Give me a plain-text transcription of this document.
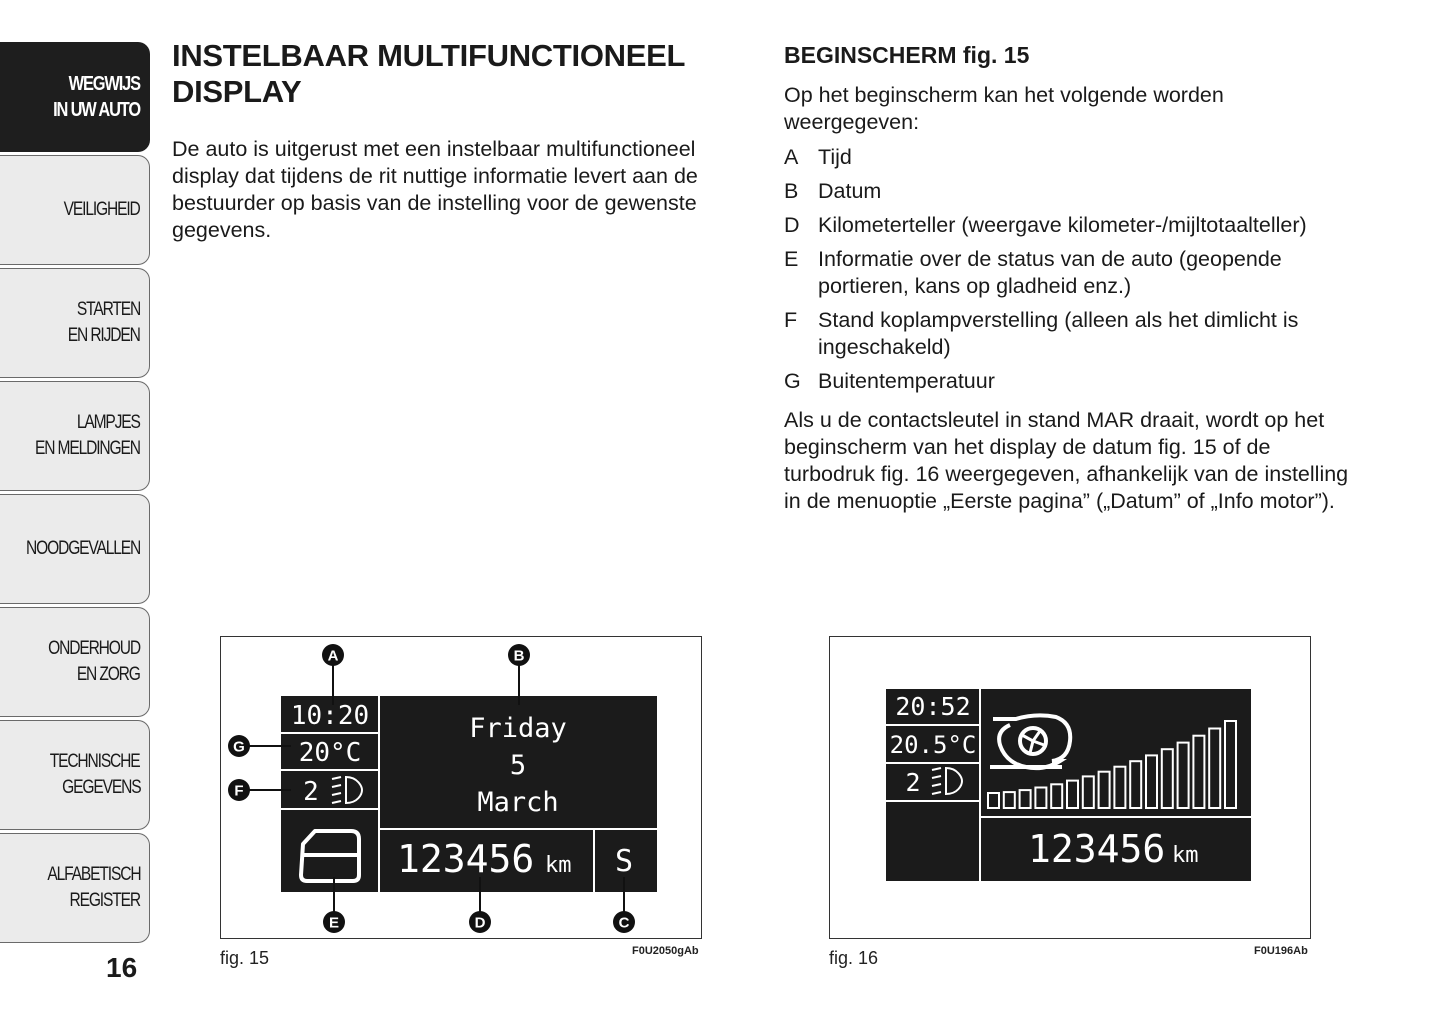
WEGWIJS
IN UW AUTO
VEILIGHEID
STARTEN
EN RIJDEN
LAMPJES
EN MELDINGEN
NOODGEVALLEN
ONDERHOUD
EN ZORG
TECHNISCHE
GEGEVENS
ALFABETISCH
REGISTER
16
INSTELBAAR MULTIFUNCTIONEEL
DISPLAY

De auto is uitgerust met een instelbaar multifunctioneel display dat tijdens de rit nuttige informatie levert aan de bestuurder op basis van de instelling voor de gewenste gegevens.

BEGINSCHERM fig. 15

Op het beginscherm kan het volgende worden weergegeven:

A Tijd
B Datum
D Kilometerteller (weergave kilometer-/mijltotaalteller)
E Informatie over de status van de auto (geopende portieren, kans op gladheid enz.)
F Stand koplampverstelling (alleen als het dimlicht is ingeschakeld)
G Buitentemperatuur

Als u de contactsleutel in stand MAR draait, wordt op het beginscherm van het display de datum fig. 15 of de turbodruk fig. 16 weergegeven, afhankelijk van de instelling in de menuoptie „Eerste pagina” („Datum” of „Info motor”).

10:20
20°C
2
Friday
5
March
123456 km S
A	B
G
F
E	D	C
fig. 15	F0U2050gAb
20:52
20.5°C
2
123456 km
fig. 16	F0U196Ab
